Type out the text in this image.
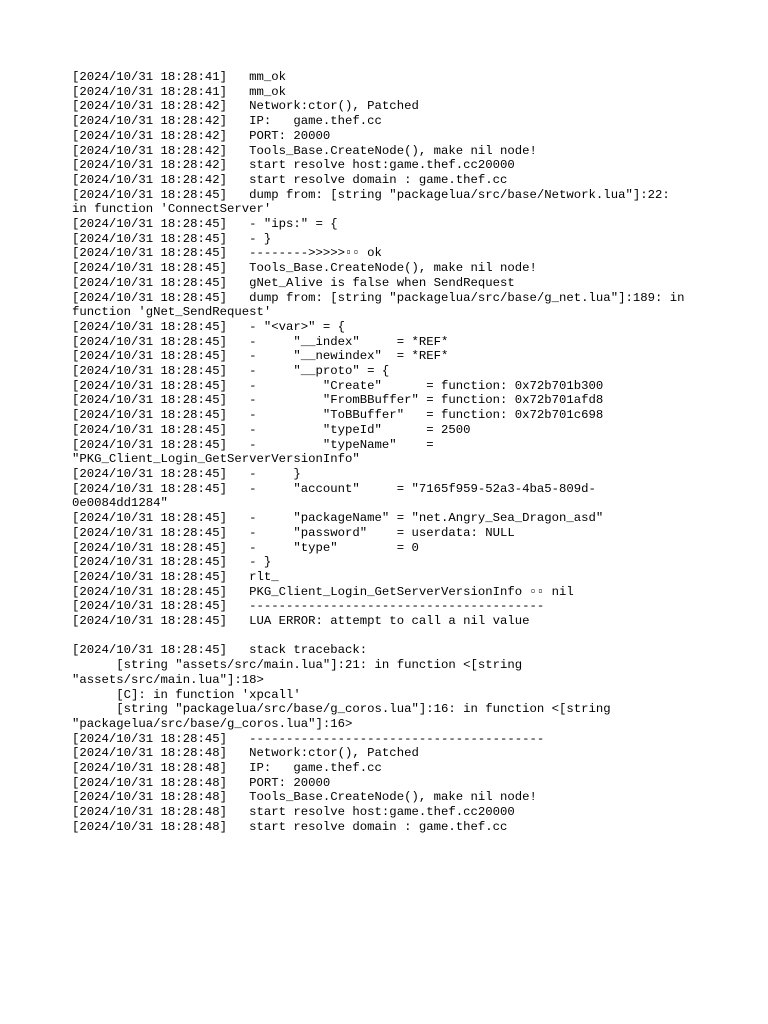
[2024/10/31 18:28:41]   mm_ok
[2024/10/31 18:28:41]   mm_ok
[2024/10/31 18:28:42]   Network:ctor(), Patched
[2024/10/31 18:28:42]   IP:   game.thef.cc
[2024/10/31 18:28:42]   PORT: 20000
[2024/10/31 18:28:42]   Tools_Base.CreateNode(), make nil node!
[2024/10/31 18:28:42]   start resolve host:game.thef.cc20000
[2024/10/31 18:28:42]   start resolve domain : game.thef.cc
[2024/10/31 18:28:45]   dump from: [string "packagelua/src/base/Network.lua"]:22:
in function 'ConnectServer'
[2024/10/31 18:28:45]   - "ips:" = {
[2024/10/31 18:28:45]   - }
[2024/10/31 18:28:45]   -------->>>>>▫▫ ok
[2024/10/31 18:28:45]   Tools_Base.CreateNode(), make nil node!
[2024/10/31 18:28:45]   gNet_Alive is false when SendRequest
[2024/10/31 18:28:45]   dump from: [string "packagelua/src/base/g_net.lua"]:189: in
function 'gNet_SendRequest'
[2024/10/31 18:28:45]   - "<var>" = {
[2024/10/31 18:28:45]   -     "__index"     = *REF*
[2024/10/31 18:28:45]   -     "__newindex"  = *REF*
[2024/10/31 18:28:45]   -     "__proto" = {
[2024/10/31 18:28:45]   -         "Create"      = function: 0x72b701b300
[2024/10/31 18:28:45]   -         "FromBBuffer" = function: 0x72b701afd8
[2024/10/31 18:28:45]   -         "ToBBuffer"   = function: 0x72b701c698
[2024/10/31 18:28:45]   -         "typeId"      = 2500
[2024/10/31 18:28:45]   -         "typeName"    =
"PKG_Client_Login_GetServerVersionInfo"
[2024/10/31 18:28:45]   -     }
[2024/10/31 18:28:45]   -     "account"     = "7165f959-52a3-4ba5-809d-
0e0084dd1284"
[2024/10/31 18:28:45]   -     "packageName" = "net.Angry_Sea_Dragon_asd"
[2024/10/31 18:28:45]   -     "password"    = userdata: NULL
[2024/10/31 18:28:45]   -     "type"        = 0
[2024/10/31 18:28:45]   - }
[2024/10/31 18:28:45]   rlt_
[2024/10/31 18:28:45]   PKG_Client_Login_GetServerVersionInfo ▫▫ nil
[2024/10/31 18:28:45]   ----------------------------------------
[2024/10/31 18:28:45]   LUA ERROR: attempt to call a nil value
[2024/10/31 18:28:45]   stack traceback:
[string "assets/src/main.lua"]:21: in function <[string
"assets/src/main.lua"]:18>
[C]: in function 'xpcall'
[string "packagelua/src/base/g_coros.lua"]:16: in function <[string
"packagelua/src/base/g_coros.lua"]:16>
[2024/10/31 18:28:45]   ----------------------------------------
[2024/10/31 18:28:48]   Network:ctor(), Patched
[2024/10/31 18:28:48]   IP:   game.thef.cc
[2024/10/31 18:28:48]   PORT: 20000
[2024/10/31 18:28:48]   Tools_Base.CreateNode(), make nil node!
[2024/10/31 18:28:48]   start resolve host:game.thef.cc20000
[2024/10/31 18:28:48]   start resolve domain : game.thef.cc
